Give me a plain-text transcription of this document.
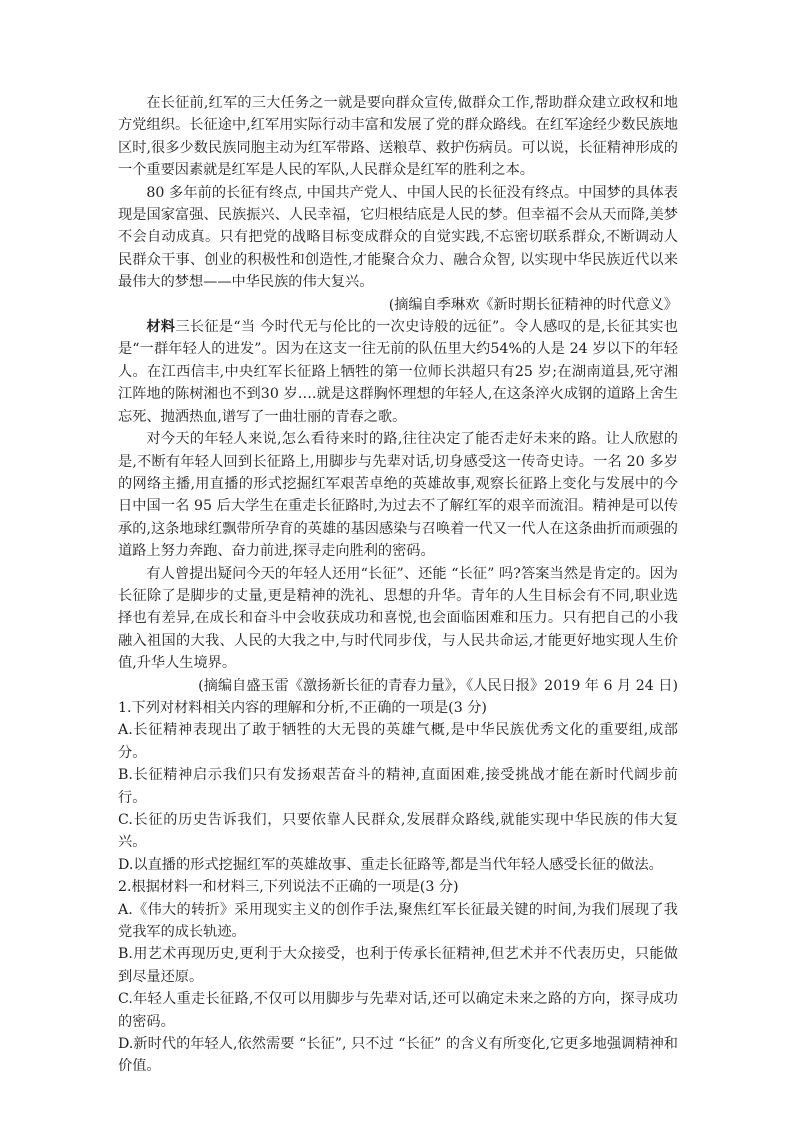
在长征前,红军的三大任务之一就是要向群众宣传,做群众工作,帮助群众建立政权和地方党组织。长征途中,红军用实际行动丰富和发展了党的群众路线。在红军途经少数民族地区时,很多少数民族同胞主动为红军带路、送粮草、救护伤病员。可以说，长征精神形成的一个重要因素就是红军是人民的军队,人民群众是红军的胜利之本。

80 多年前的长征有终点, 中国共产党人、中国人民的长征没有终点。中国梦的具体表现是国家富强、民族振兴、人民幸福，它归根结底是人民的梦。但幸福不会从天而降,美梦不会自动成真。只有把党的战略目标变成群众的自觉实践,不忘密切联系群众,不断调动人民群众干事、创业的积极性和创造性,才能聚合众力、融合众智, 以实现中华民族近代以来最伟大的梦想——中华民族的伟大复兴。

(摘编自季琳欢《新时期长征精神的时代意义》

材料三长征是“当 今时代无与伦比的一次史诗般的远征”。令人感叹的是,长征其实也是“一群年轻人的进发”。因为在这支一往无前的队伍里大约54%的人是 24 岁以下的年轻人。在江西信丰,中央红军长征路上牺牲的第一位师长洪超只有25 岁;在湖南道县,死守湘江阵地的陈树湘也不到30 岁….就是这群胸怀理想的年轻人,在这条淬火成钢的道路上舍生忘死、抛洒热血,谱写了一曲壮丽的青春之歌。

对今天的年轻人来说,怎么看待来时的路,往往决定了能否走好未来的路。让人欣慰的是,不断有年轻人回到长征路上,用脚步与先辈对话,切身感受这一传奇史诗。一名 20 多岁的网络主播,用直播的形式挖掘红军艰苦卓绝的英雄故事,观察长征路上变化与发展中的今日中国一名 95 后大学生在重走长征路时,为过去不了解红军的艰辛而流泪。精神是可以传承的,这条地球红飘带所孕育的英雄的基因感染与召唤着一代又一代人在这条曲折而顽强的道路上努力奔跑、奋力前进,探寻走向胜利的密码。

有人曾提出疑问今天的年轻人还用“长征”、还能 “长征” 吗?答案当然是肯定的。因为长征除了是脚步的丈量,更是精神的洗礼、思想的升华。青年的人生目标会有不同,职业选择也有差异,在成长和奋斗中会收获成功和喜悦,也会面临困难和压力。只有把自己的小我融入祖国的大我、人民的大我之中,与时代同步伐，与人民共命运,才能更好地实现人生价值,升华人生境界。

(摘编自盛玉雷《激扬新长征的青春力量》，《人民日报》2019 年 6 月 24 日)

1.下列对材料相关内容的理解和分析,不正确的一项是(3 分)

A.长征精神表现出了敢于牺牲的大无畏的英雄气概,是中华民族优秀文化的重要组,成部分。

B.长征精神启示我们只有发扬艰苦奋斗的精神,直面困难,接受挑战才能在新时代阔步前行。

C.长征的历史告诉我们，只要依靠人民群众,发展群众路线,就能实现中华民族的伟大复兴。

D.以直播的形式挖掘红军的英雄故事、重走长征路等,都是当代年轻人感受长征的做法。

2.根据材料一和材料三,下列说法不正确的一项是(3 分)

A.《伟大的转折》采用现实主义的创作手法,聚焦红军长征最关键的时间,为我们展现了我党我军的成长轨迹。

B.用艺术再现历史,更利于大众接受，也利于传承长征精神,但艺术并不代表历史，只能做到尽量还原。

C.年轻人重走长征路,不仅可以用脚步与先辈对话,还可以确定未来之路的方向，探寻成功的密码。

D.新时代的年轻人,依然需要 “长征”, 只不过 “长征” 的含义有所变化,它更多地强调精神和价值。
